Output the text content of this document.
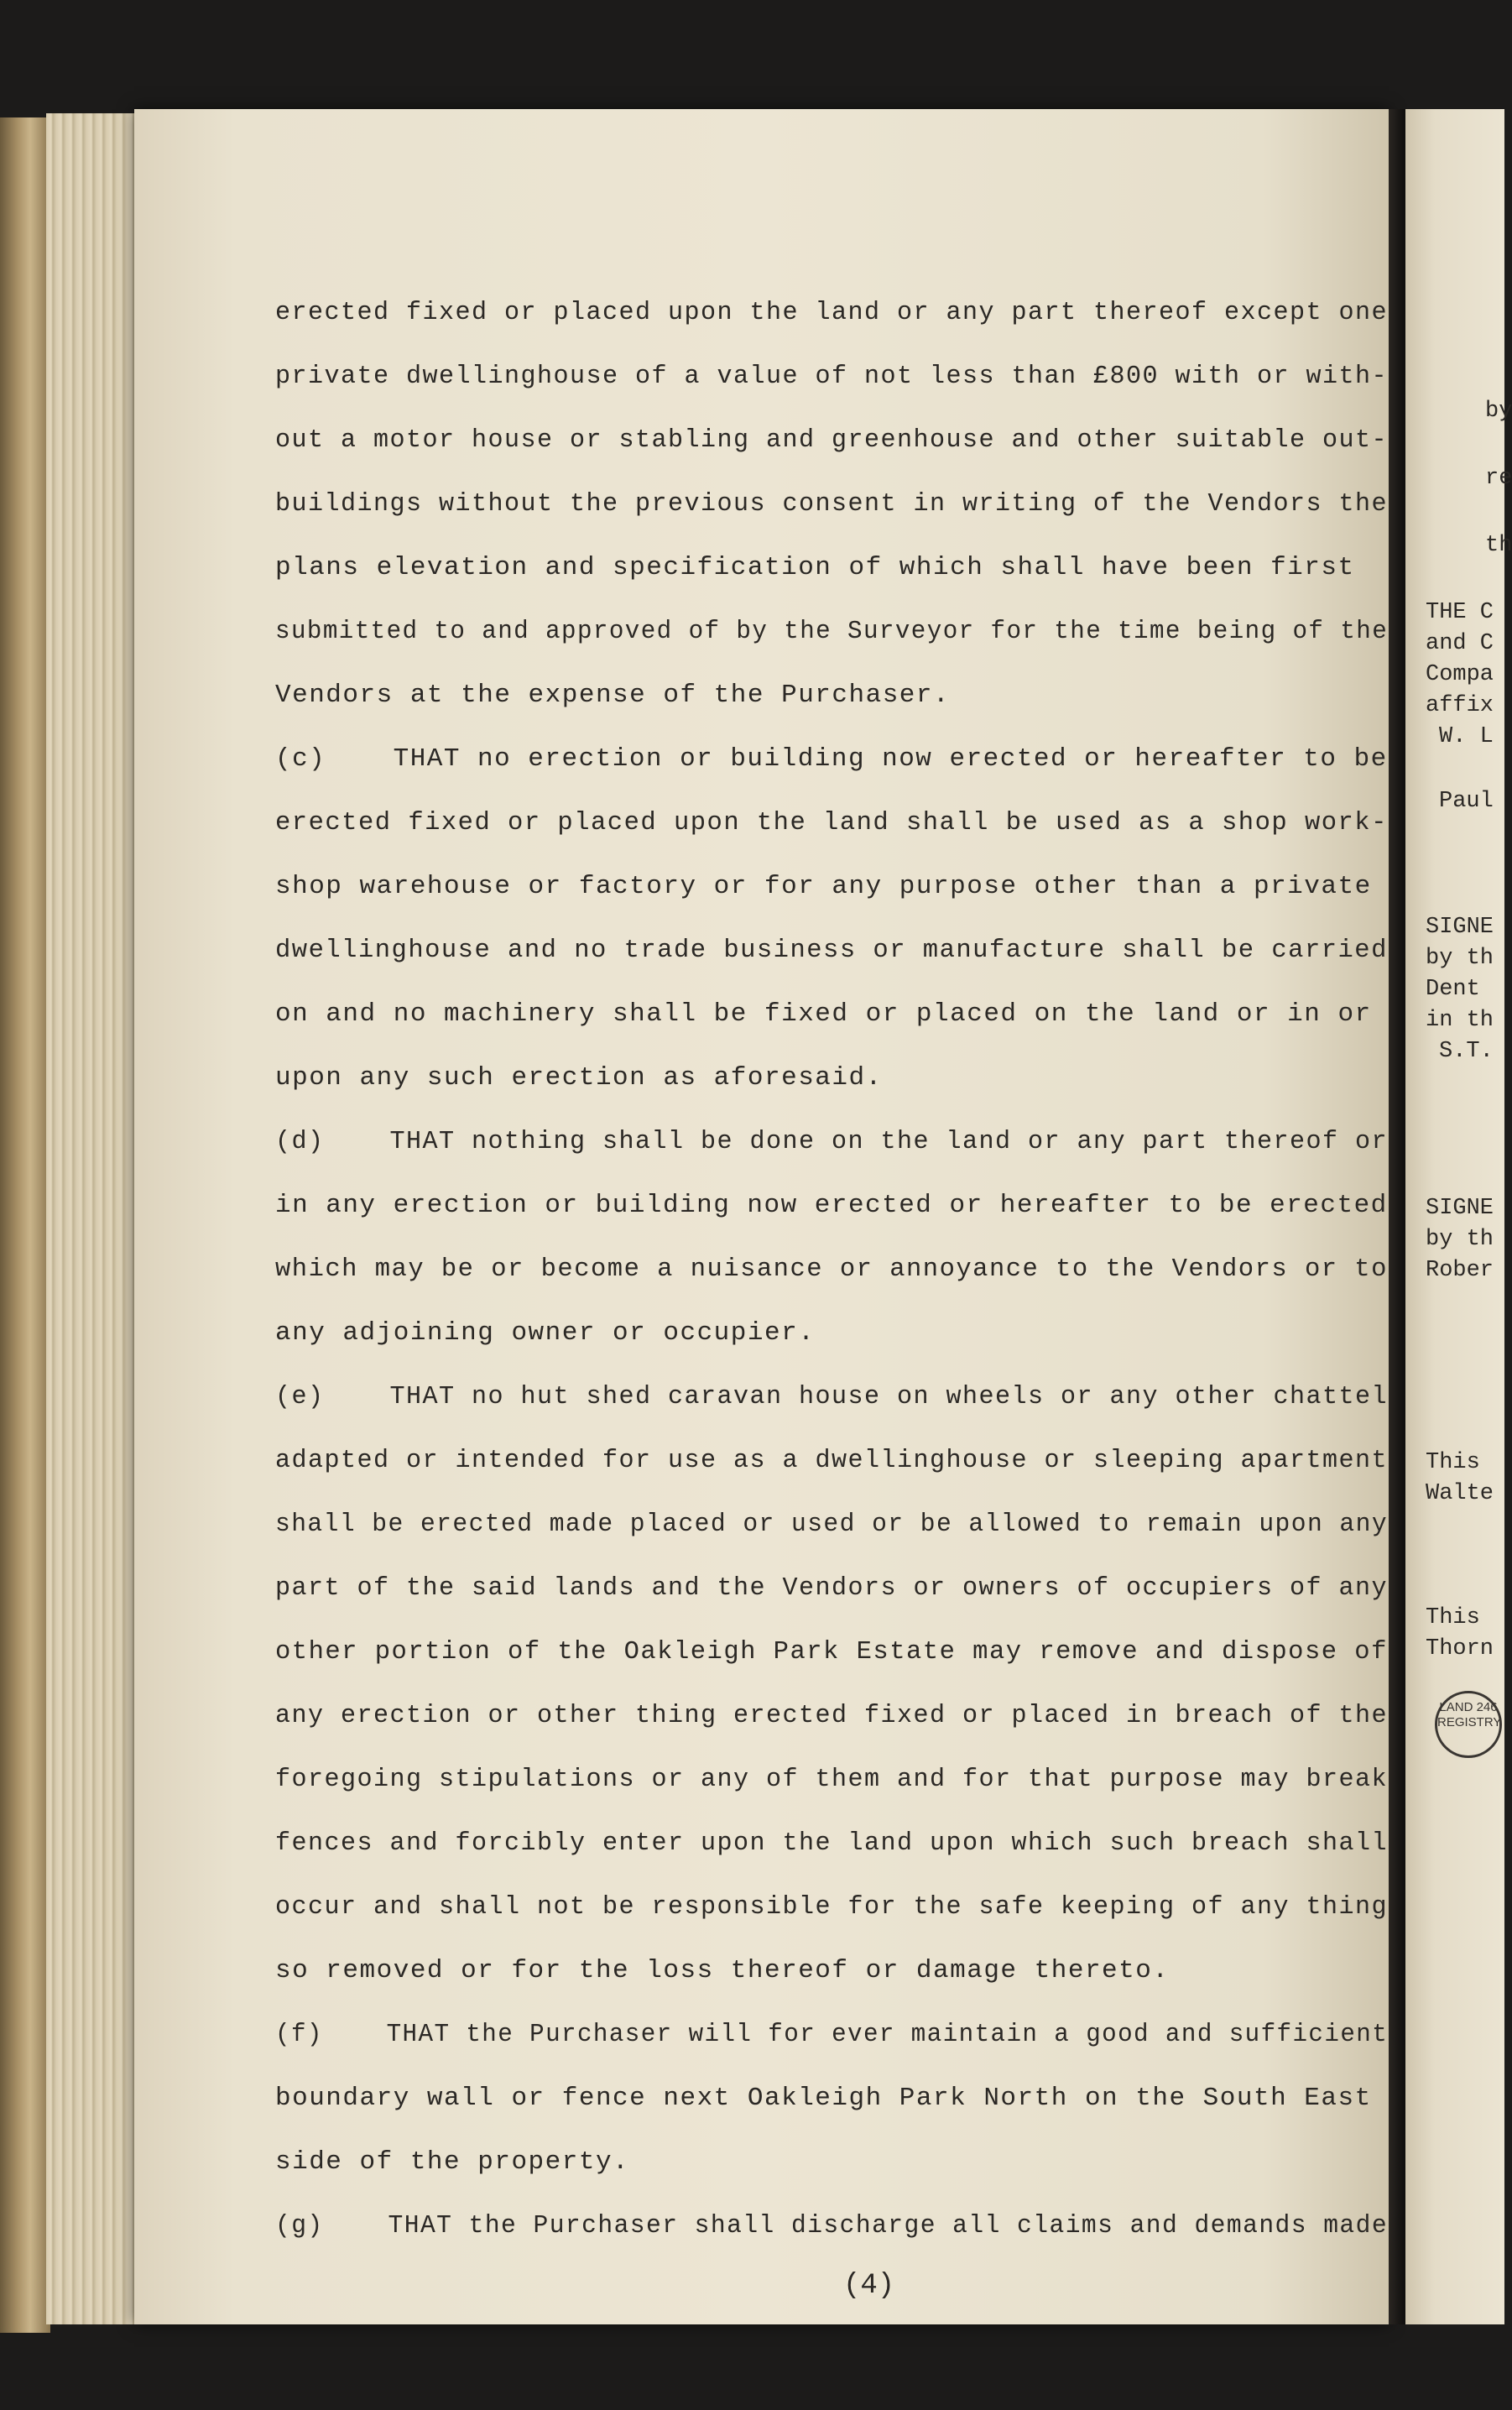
erected fixed or placed upon the land or any part thereof except one
private dwellinghouse of a value of not less than £800 with or with-
out a motor house or stabling and greenhouse and other suitable out-
buildings without the previous consent in writing of the Vendors the
plans elevation and specification of which shall have been first
submitted to and approved of by the Surveyor for the time being of the
Vendors at the expense of the Purchaser.
(c)    THAT no erection or building now erected or hereafter to be
erected fixed or placed upon the land shall be used as a shop work-
shop warehouse or factory or for any purpose other than a private
dwellinghouse and no trade business or manufacture shall be carried
on and no machinery shall be fixed or placed on the land or in or
upon any such erection as aforesaid.
(d)    THAT nothing shall be done on the land or any part thereof or
in any erection or building now erected or hereafter to be erected
which may be or become a nuisance or annoyance to the Vendors or to
any adjoining owner or occupier.
(e)    THAT no hut shed caravan house on wheels or any other chattel
adapted or intended for use as a dwellinghouse or sleeping apartment
shall be erected made placed or used or be allowed to remain upon any
part of the said lands and the Vendors or owners of occupiers of any
other portion of the Oakleigh Park Estate may remove and dispose of
any erection or other thing erected fixed or placed in breach of the
foregoing stipulations or any of them and for that purpose may break
fences and forcibly enter upon the land upon which such breach shall
occur and shall not be responsible for the safe keeping of any thing
so removed or for the loss thereof or damage thereto.
(f)    THAT the Purchaser will for ever maintain a good and sufficient
boundary wall or fence next Oakleigh Park North on the South East
side of the property.
(g)    THAT the Purchaser shall discharge all claims and demands made
(4)
by
re
th
THE C
and C
Compa
affix
W. L
Paul
SIGNE
by th
Dent
in th
S.T.
SIGNE
by th
Rober
This
Walte
This
Thorn
LAND 246 REGISTRY
